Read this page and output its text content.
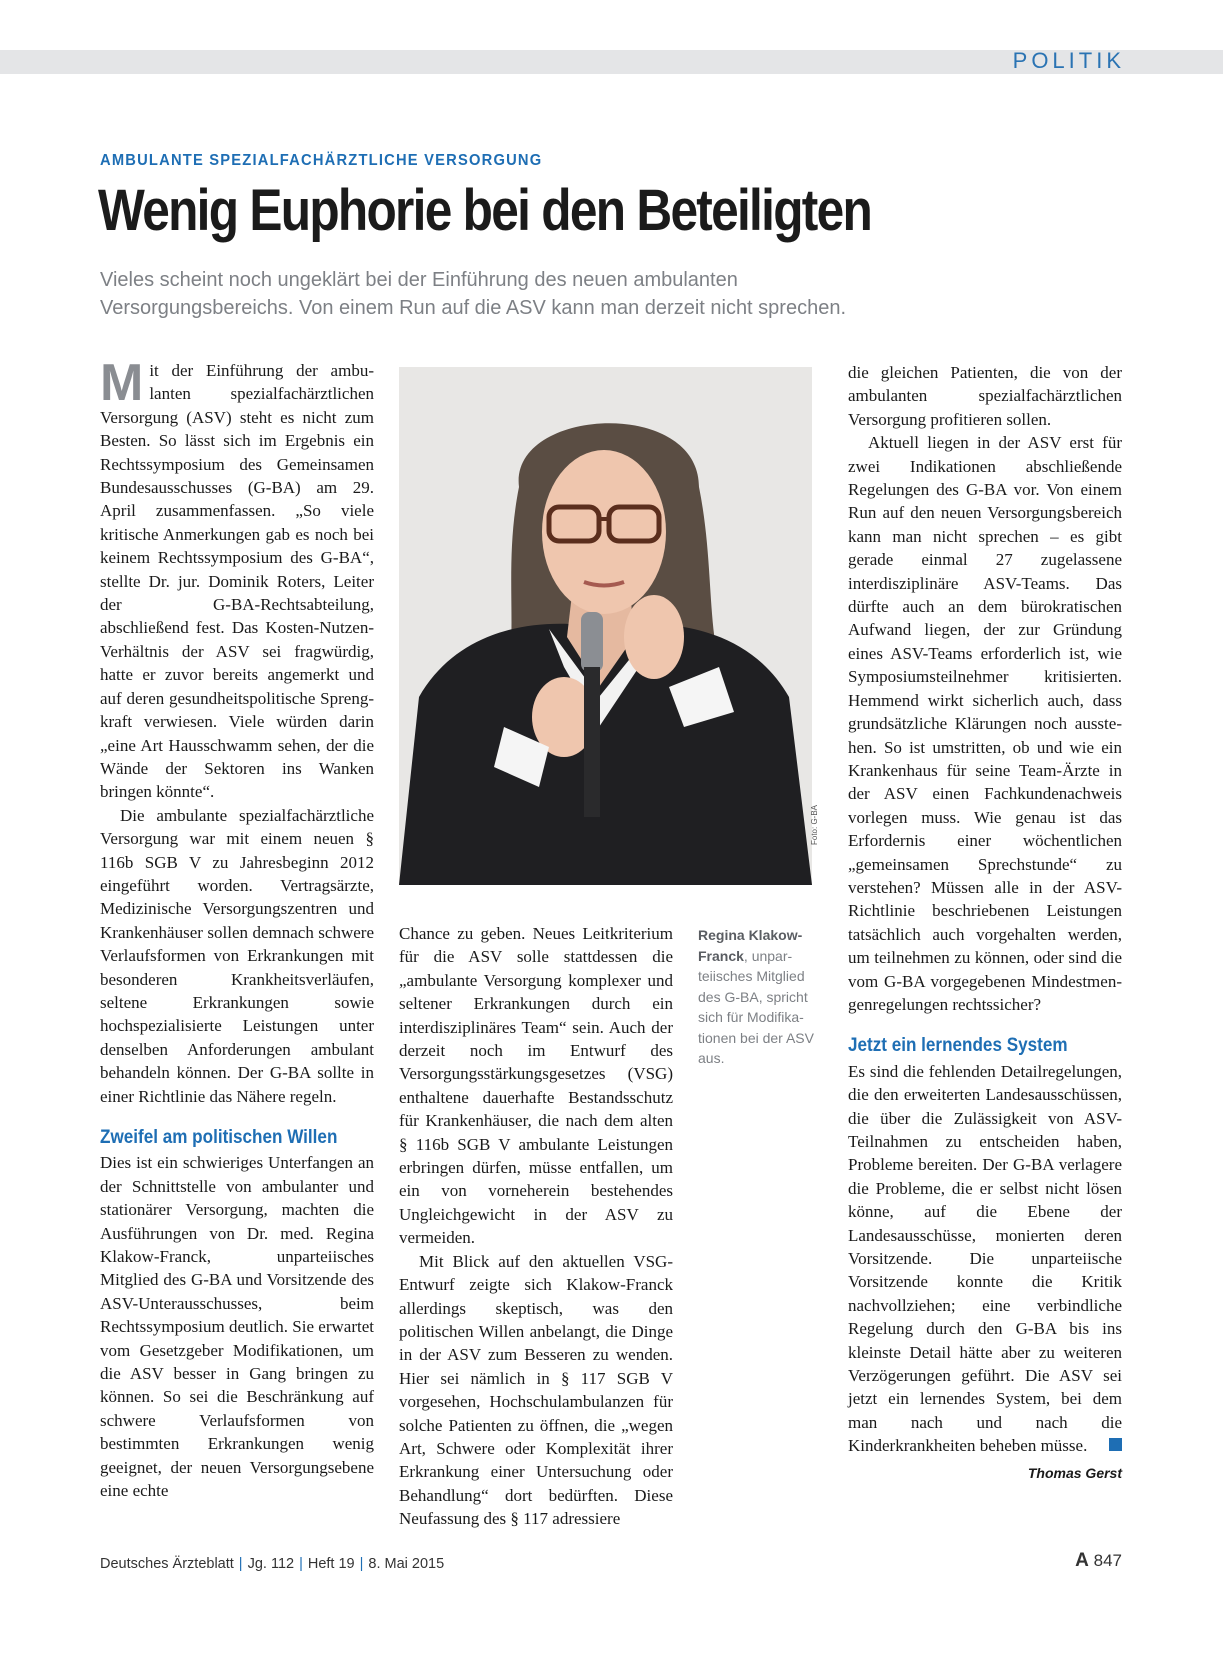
POLITIK
AMBULANTE SPEZIALFACHÄRZTLICHE VERSORGUNG
Wenig Euphorie bei den Beteiligten

Vieles scheint noch ungeklärt bei der Einführung des neuen ambulanten

Versorgungsbereichs. Von einem Run auf die ASV kann man derzeit nicht sprechen.

Mit der Einführung der ambulanten spezialfachärztlichen Versorgung (ASV) steht es nicht zum Besten. So lässt sich im Ergebnis ein Rechtssymposium des Gemeinsamen Bundesausschusses (G-BA) am 29. April zusammenfassen. „So viele kritische Anmerkungen gab es noch bei keinem Rechtssymposium des G-BA“, stellte Dr. jur. Dominik Roters, Leiter der G-BA-Rechtsabteilung, abschließend fest. Das Kosten-Nutzen-Verhältnis der ASV sei fragwürdig, hatte er zuvor bereits angemerkt und auf deren gesundheitspolitische Sprengkraft verwiesen. Viele würden darin „eine Art Hausschwamm sehen, der die Wände der Sektoren ins Wanken bringen könnte“.

Die ambulante spezialfachärztliche Versorgung war mit einem neuen § 116b SGB V zu Jahresbeginn 2012 eingeführt worden. Vertragsärzte, Medizinische Versorgungszentren und Krankenhäuser sollen demnach schwere Verlaufsformen von Erkrankungen mit besonderen Krankheitsverläufen, seltene Erkrankungen sowie hochspezialisierte Leistungen unter denselben Anforderungen ambulant behandeln können. Der G-BA sollte in einer Richtlinie das Nähere regeln.

Zweifel am politischen Willen

Dies ist ein schwieriges Unterfangen an der Schnittstelle von ambulanter und stationärer Versorgung, machten die Ausführungen von Dr. med. Regina Klakow-Franck, unparteiisches Mitglied des G-BA und Vorsitzende des ASV-Unterausschusses, beim Rechtssymposium deutlich. Sie erwartet vom Gesetzgeber Modifikationen, um die ASV besser in Gang bringen zu können. So sei die Beschränkung auf schwere Verlaufsformen von bestimmten Erkrankungen wenig geeignet, der neuen Versorgungsebene eine echte

Foto: G-BA
Regina Klakow-Franck, unparteiisches Mitglied des G-BA, spricht sich für Modifikationen bei der ASV aus.

Chance zu geben. Neues Leitkriterium für die ASV solle stattdessen die „ambulante Versorgung komplexer und seltener Erkrankungen durch ein interdisziplinäres Team“ sein. Auch der derzeit noch im Entwurf des Versorgungsstärkungsgesetzes (VSG) enthaltene dauerhafte Bestandsschutz für Krankenhäuser, die nach dem alten § 116b SGB V ambulante Leistungen erbringen dürfen, müsse entfallen, um ein von vorneherein bestehendes Ungleichgewicht in der ASV zu vermeiden.

Mit Blick auf den aktuellen VSG-Entwurf zeigte sich Klakow-Franck allerdings skeptisch, was den politischen Willen anbelangt, die Dinge in der ASV zum Besseren zu wenden. Hier sei nämlich in § 117 SGB V vorgesehen, Hochschulambulanzen für solche Patienten zu öffnen, die „wegen Art, Schwere oder Komplexität ihrer Erkrankung einer Untersuchung oder Behandlung“ dort bedürften. Diese Neufassung des § 117 adressiere

die gleichen Patienten, die von der ambulanten spezialfachärztlichen Versorgung profitieren sollen.

Aktuell liegen in der ASV erst für zwei Indikationen abschließende Regelungen des G-BA vor. Von einem Run auf den neuen Versorgungsbereich kann man nicht sprechen – es gibt gerade einmal 27 zugelassene interdisziplinäre ASV-Teams. Das dürfte auch an dem bürokratischen Aufwand liegen, der zur Gründung eines ASV-Teams erforderlich ist, wie Symposiumsteilnehmer kritisierten. Hemmend wirkt sicherlich auch, dass grundsätzliche Klärungen noch ausstehen. So ist umstritten, ob und wie ein Krankenhaus für seine Team-Ärzte in der ASV einen Fachkundenachweis vorlegen muss. Wie genau ist das Erfordernis einer wöchentlichen „gemeinsamen Sprechstunde“ zu verstehen? Müssen alle in der ASV-Richtlinie beschriebenen Leistungen tatsächlich auch vorgehalten werden, um teilnehmen zu können, oder sind die vom G-BA vorgegebenen Mindestmengenregelungen rechtssicher?

Jetzt ein lernendes System

Es sind die fehlenden Detailregelungen, die den erweiterten Landesausschüssen, die über die Zulässigkeit von ASV-Teilnahmen zu entscheiden haben, Probleme bereiten. Der G-BA verlagere die Probleme, die er selbst nicht lösen könne, auf die Ebene der Landesausschüsse, monierten deren Vorsitzende. Die unparteiische Vorsitzende konnte die Kritik nachvollziehen; eine verbindliche Regelung durch den G-BA bis ins kleinste Detail hätte aber zu weiteren Verzögerungen geführt. Die ASV sei jetzt ein lernendes System, bei dem man nach und nach die Kinderkrankheiten beheben müsse.

Thomas Gerst
Deutsches Ärzteblatt | Jg. 112 | Heft 19 | 8. Mai 2015	A 847
